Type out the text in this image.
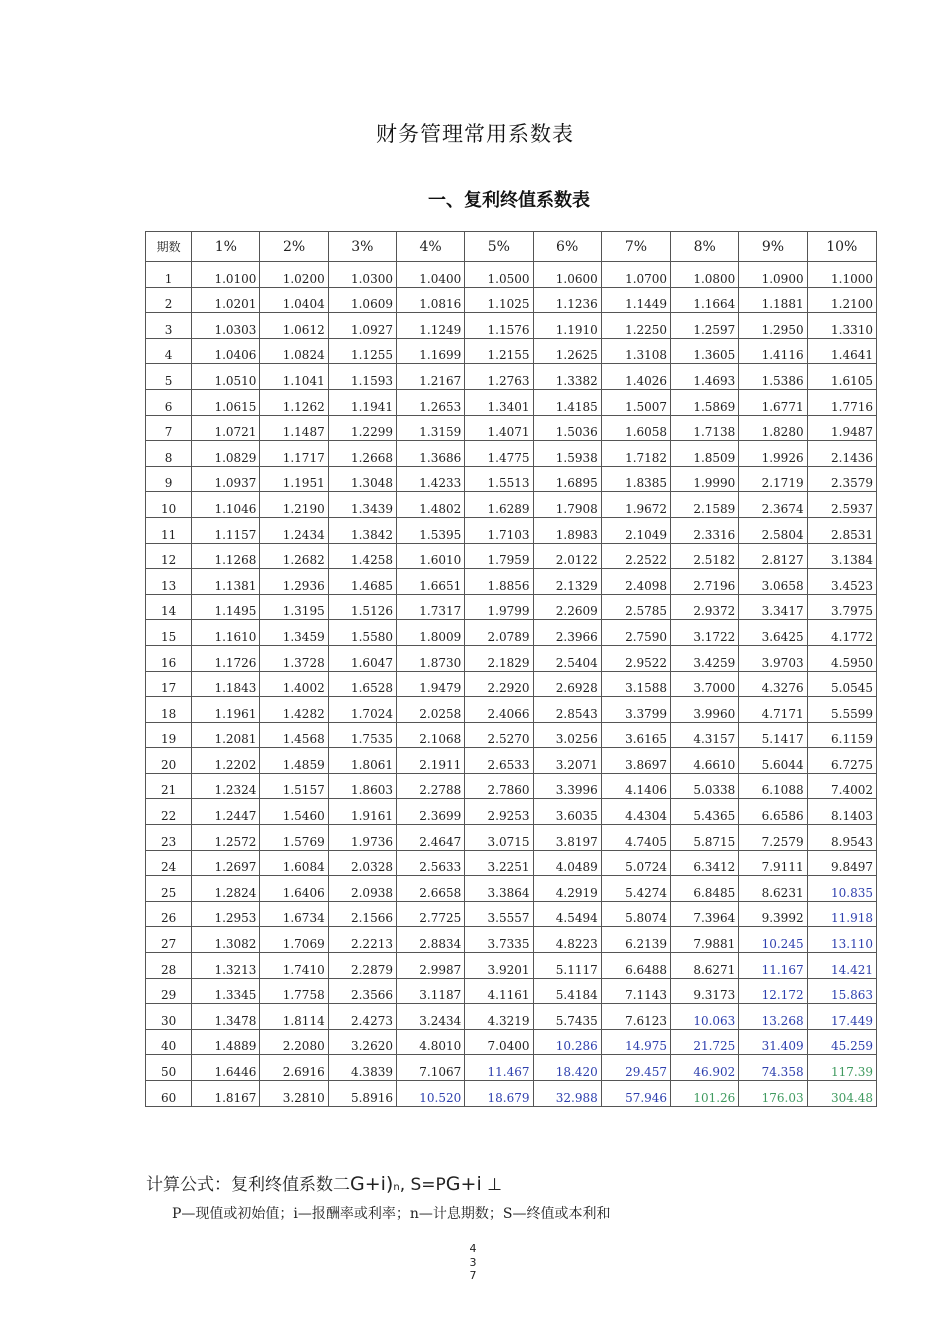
财务管理常用系数表
一、复利终值系数表
期数	1%	2%	3%	4%	5%	6%	7%	8%	9%	10%
1	1.0100	1.0200	1.0300	1.0400	1.0500	1.0600	1.0700	1.0800	1.0900	1.1000
2	1.0201	1.0404	1.0609	1.0816	1.1025	1.1236	1.1449	1.1664	1.1881	1.2100
3	1.0303	1.0612	1.0927	1.1249	1.1576	1.1910	1.2250	1.2597	1.2950	1.3310
4	1.0406	1.0824	1.1255	1.1699	1.2155	1.2625	1.3108	1.3605	1.4116	1.4641
5	1.0510	1.1041	1.1593	1.2167	1.2763	1.3382	1.4026	1.4693	1.5386	1.6105
6	1.0615	1.1262	1.1941	1.2653	1.3401	1.4185	1.5007	1.5869	1.6771	1.7716
7	1.0721	1.1487	1.2299	1.3159	1.4071	1.5036	1.6058	1.7138	1.8280	1.9487
8	1.0829	1.1717	1.2668	1.3686	1.4775	1.5938	1.7182	1.8509	1.9926	2.1436
9	1.0937	1.1951	1.3048	1.4233	1.5513	1.6895	1.8385	1.9990	2.1719	2.3579
10	1.1046	1.2190	1.3439	1.4802	1.6289	1.7908	1.9672	2.1589	2.3674	2.5937
11	1.1157	1.2434	1.3842	1.5395	1.7103	1.8983	2.1049	2.3316	2.5804	2.8531
12	1.1268	1.2682	1.4258	1.6010	1.7959	2.0122	2.2522	2.5182	2.8127	3.1384
13	1.1381	1.2936	1.4685	1.6651	1.8856	2.1329	2.4098	2.7196	3.0658	3.4523
14	1.1495	1.3195	1.5126	1.7317	1.9799	2.2609	2.5785	2.9372	3.3417	3.7975
15	1.1610	1.3459	1.5580	1.8009	2.0789	2.3966	2.7590	3.1722	3.6425	4.1772
16	1.1726	1.3728	1.6047	1.8730	2.1829	2.5404	2.9522	3.4259	3.9703	4.5950
17	1.1843	1.4002	1.6528	1.9479	2.2920	2.6928	3.1588	3.7000	4.3276	5.0545
18	1.1961	1.4282	1.7024	2.0258	2.4066	2.8543	3.3799	3.9960	4.7171	5.5599
19	1.2081	1.4568	1.7535	2.1068	2.5270	3.0256	3.6165	4.3157	5.1417	6.1159
20	1.2202	1.4859	1.8061	2.1911	2.6533	3.2071	3.8697	4.6610	5.6044	6.7275
21	1.2324	1.5157	1.8603	2.2788	2.7860	3.3996	4.1406	5.0338	6.1088	7.4002
22	1.2447	1.5460	1.9161	2.3699	2.9253	3.6035	4.4304	5.4365	6.6586	8.1403
23	1.2572	1.5769	1.9736	2.4647	3.0715	3.8197	4.7405	5.8715	7.2579	8.9543
24	1.2697	1.6084	2.0328	2.5633	3.2251	4.0489	5.0724	6.3412	7.9111	9.8497
25	1.2824	1.6406	2.0938	2.6658	3.3864	4.2919	5.4274	6.8485	8.6231	10.835
26	1.2953	1.6734	2.1566	2.7725	3.5557	4.5494	5.8074	7.3964	9.3992	11.918
27	1.3082	1.7069	2.2213	2.8834	3.7335	4.8223	6.2139	7.9881	10.245	13.110
28	1.3213	1.7410	2.2879	2.9987	3.9201	5.1117	6.6488	8.6271	11.167	14.421
29	1.3345	1.7758	2.3566	3.1187	4.1161	5.4184	7.1143	9.3173	12.172	15.863
30	1.3478	1.8114	2.4273	3.2434	4.3219	5.7435	7.6123	10.063	13.268	17.449
40	1.4889	2.2080	3.2620	4.8010	7.0400	10.286	14.975	21.725	31.409	45.259
50	1.6446	2.6916	4.3839	7.1067	11.467	18.420	29.457	46.902	74.358	117.39
60	1.8167	3.2810	5.8916	10.520	18.679	32.988	57.946	101.26	176.03	304.48
计算公式：复利终值系数二G+i)n, S=PG+i ⊥
P—现值或初始值；i—报酬率或利率；n—计息期数；S—终值或本利和
4
3
7
